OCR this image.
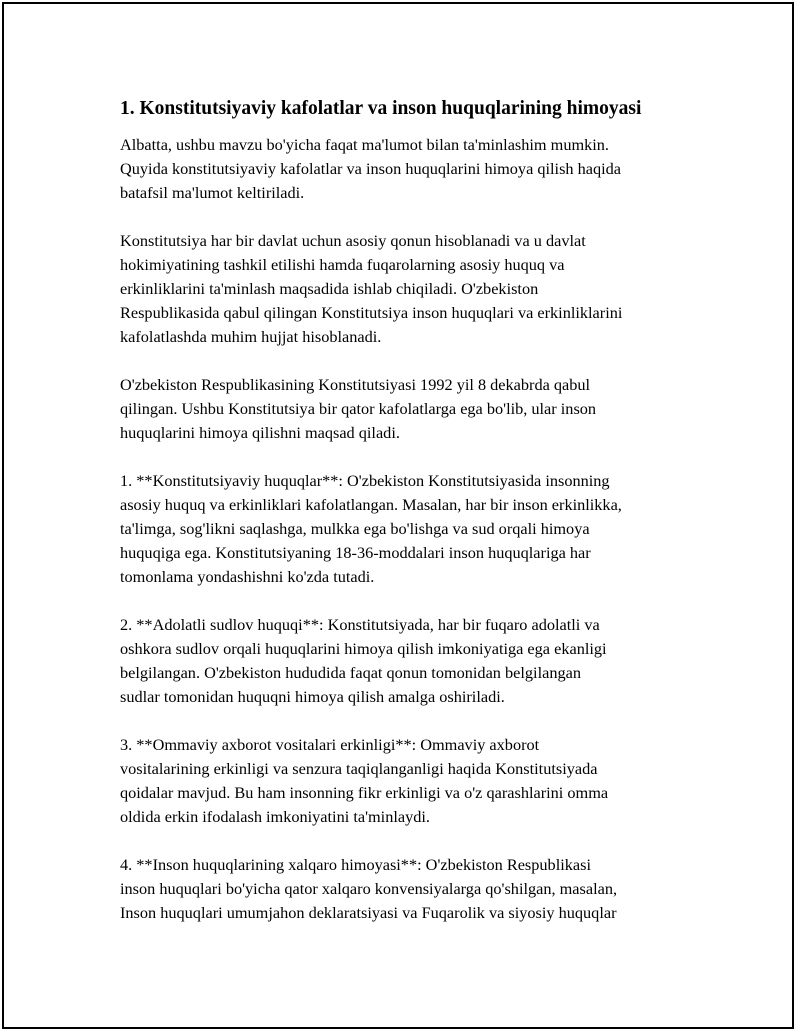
1. Konstitutsiyaviy kafolatlar va inson huquqlarining himoyasi

Albatta, ushbu mavzu bo'yicha faqat ma'lumot bilan ta'minlashim mumkin.
Quyida konstitutsiyaviy kafolatlar va inson huquqlarini himoya qilish haqida
batafsil ma'lumot keltiriladi.

Konstitutsiya har bir davlat uchun asosiy qonun hisoblanadi va u davlat
hokimiyatining tashkil etilishi hamda fuqarolarning asosiy huquq va
erkinliklarini ta'minlash maqsadida ishlab chiqiladi. O'zbekiston
Respublikasida qabul qilingan Konstitutsiya inson huquqlari va erkinliklarini
kafolatlashda muhim hujjat hisoblanadi.

O'zbekiston Respublikasining Konstitutsiyasi 1992 yil 8 dekabrda qabul
qilingan. Ushbu Konstitutsiya bir qator kafolatlarga ega bo'lib, ular inson
huquqlarini himoya qilishni maqsad qiladi.

1. **Konstitutsiyaviy huquqlar**: O'zbekiston Konstitutsiyasida insonning
asosiy huquq va erkinliklari kafolatlangan. Masalan, har bir inson erkinlikka,
ta'limga, sog'likni saqlashga, mulkka ega bo'lishga va sud orqali himoya
huquqiga ega. Konstitutsiyaning 18-36-moddalari inson huquqlariga har
tomonlama yondashishni ko'zda tutadi.

2. **Adolatli sudlov huquqi**: Konstitutsiyada, har bir fuqaro adolatli va
oshkora sudlov orqali huquqlarini himoya qilish imkoniyatiga ega ekanligi
belgilangan. O'zbekiston hududida faqat qonun tomonidan belgilangan
sudlar tomonidan huquqni himoya qilish amalga oshiriladi.

3. **Ommaviy axborot vositalari erkinligi**: Ommaviy axborot
vositalarining erkinligi va senzura taqiqlanganligi haqida Konstitutsiyada
qoidalar mavjud. Bu ham insonning fikr erkinligi va o'z qarashlarini omma
oldida erkin ifodalash imkoniyatini ta'minlaydi.

4. **Inson huquqlarining xalqaro himoyasi**: O'zbekiston Respublikasi
inson huquqlari bo'yicha qator xalqaro konvensiyalarga qo'shilgan, masalan,
Inson huquqlari umumjahon deklaratsiyasi va Fuqarolik va siyosiy huquqlar
